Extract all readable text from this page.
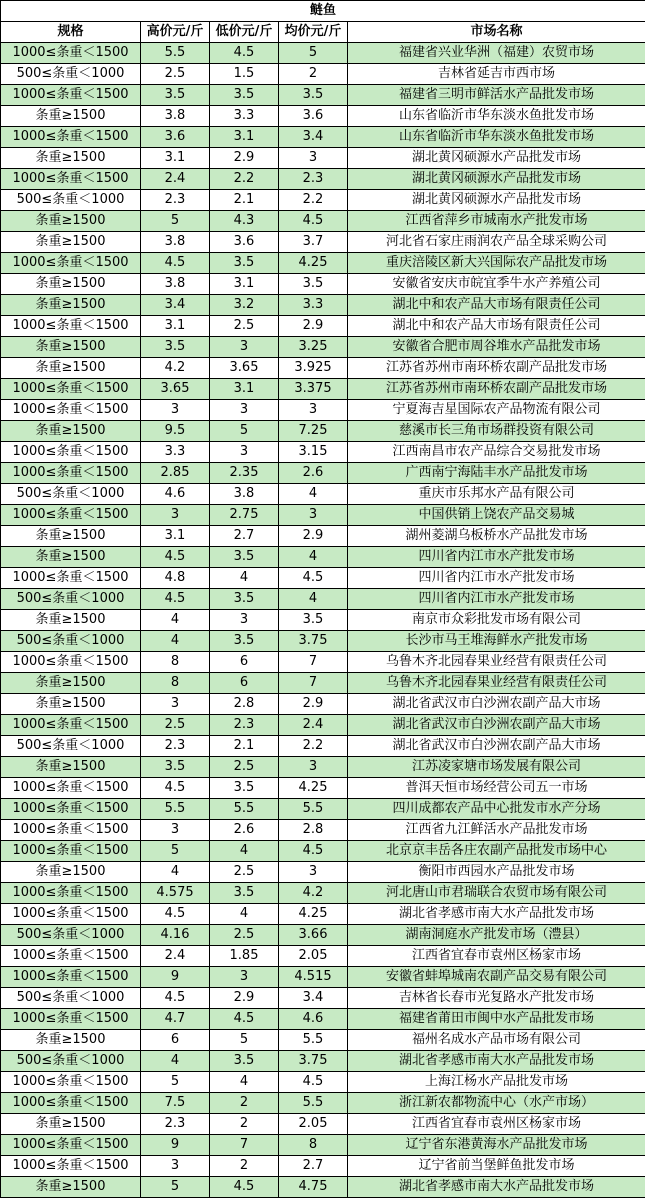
鲢鱼				
规格	高价元/斤	低价元/斤	均价元/斤	市场名称
1000≤条重＜1500	5.5	4.5	5	福建省兴业华洲（福建）农贸市场
500≤条重＜1000	2.5	1.5	2	吉林省延吉市西市场
1000≤条重＜1500	3.5	3.5	3.5	福建省三明市鲜活水产品批发市场
条重≥1500	3.8	3.3	3.6	山东省临沂市华东淡水鱼批发市场
1000≤条重＜1500	3.6	3.1	3.4	山东省临沂市华东淡水鱼批发市场
条重≥1500	3.1	2.9	3	湖北黄冈硕源水产品批发市场
1000≤条重＜1500	2.4	2.2	2.3	湖北黄冈硕源水产品批发市场
500≤条重＜1000	2.3	2.1	2.2	湖北黄冈硕源水产品批发市场
条重≥1500	5	4.3	4.5	江西省萍乡市城南水产批发市场
条重≥1500	3.8	3.6	3.7	河北省石家庄雨润农产品全球采购公司
1000≤条重＜1500	4.5	3.5	4.25	重庆涪陵区新大兴国际农产品批发市场
条重≥1500	3.8	3.1	3.5	安徽省安庆市皖宜季牛水产养殖公司
条重≥1500	3.4	3.2	3.3	湖北中和农产品大市场有限责任公司
1000≤条重＜1500	3.1	2.5	2.9	湖北中和农产品大市场有限责任公司
条重≥1500	3.5	3	3.25	安徽省合肥市周谷堆水产品批发市场
条重≥1500	4.2	3.65	3.925	江苏省苏州市南环桥农副产品批发市场
1000≤条重＜1500	3.65	3.1	3.375	江苏省苏州市南环桥农副产品批发市场
1000≤条重＜1500	3	3	3	宁夏海吉星国际农产品物流有限公司
条重≥1500	9.5	5	7.25	慈溪市长三角市场群投资有限公司
1000≤条重＜1500	3.3	3	3.15	江西南昌市农产品综合交易批发市场
1000≤条重＜1500	2.85	2.35	2.6	广西南宁海陆丰水产品批发市场
500≤条重＜1000	4.6	3.8	4	重庆市乐邦水产品有限公司
1000≤条重＜1500	3	2.75	3	中国供销上饶农产品交易城
条重≥1500	3.1	2.7	2.9	湖州菱湖乌板桥水产品批发市场
条重≥1500	4.5	3.5	4	四川省内江市水产批发市场
1000≤条重＜1500	4.8	4	4.5	四川省内江市水产批发市场
500≤条重＜1000	4.5	3.5	4	四川省内江市水产批发市场
条重≥1500	4	3	3.5	南京市众彩批发市场有限公司
500≤条重＜1000	4	3.5	3.75	长沙市马王堆海鲜水产批发市场
1000≤条重＜1500	8	6	7	乌鲁木齐北园春果业经营有限责任公司
条重≥1500	8	6	7	乌鲁木齐北园春果业经营有限责任公司
条重≥1500	3	2.8	2.9	湖北省武汉市白沙洲农副产品大市场
1000≤条重＜1500	2.5	2.3	2.4	湖北省武汉市白沙洲农副产品大市场
500≤条重＜1000	2.3	2.1	2.2	湖北省武汉市白沙洲农副产品大市场
条重≥1500	3.5	2.5	3	江苏凌家塘市场发展有限公司
1000≤条重＜1500	4.5	3.5	4.25	普洱天恒市场经营公司五一市场
1000≤条重＜1500	5.5	5.5	5.5	四川成都农产品中心批发市水产分场
1000≤条重＜1500	3	2.6	2.8	江西省九江鲜活水产品批发市场
1000≤条重＜1500	5	4	4.5	北京京丰岳各庄农副产品批发市场中心
条重≥1500	4	2.5	3	衡阳市西园水产品批发市场
1000≤条重＜1500	4.575	3.5	4.2	河北唐山市君瑞联合农贸市场有限公司
1000≤条重＜1500	4.5	4	4.25	湖北省孝感市南大水产品批发市场
500≤条重＜1000	4.16	2.5	3.66	湖南洞庭水产批发市场（澧县）
1000≤条重＜1500	2.4	1.85	2.05	江西省宜春市袁州区杨家市场
1000≤条重＜1500	9	3	4.515	安徽省蚌埠城南农副产品交易有限公司
500≤条重＜1000	4.5	2.9	3.4	吉林省长春市光复路水产批发市场
1000≤条重＜1500	4.7	4.5	4.6	福建省莆田市闽中水产品批发市场
条重≥1500	6	5	5.5	福州名成水产品市场有限公司
500≤条重＜1000	4	3.5	3.75	湖北省孝感市南大水产品批发市场
1000≤条重＜1500	5	4	4.5	上海江杨水产品批发市场
1000≤条重＜1500	7.5	2	5.5	浙江新农都物流中心（水产市场）
条重≥1500	2.3	2	2.05	江西省宜春市袁州区杨家市场
1000≤条重＜1500	9	7	8	辽宁省东港黄海水产品批发市场
1000≤条重＜1500	3	2	2.7	辽宁省前当堡鲜鱼批发市场
条重≥1500	5	4.5	4.75	湖北省孝感市南大水产品批发市场
